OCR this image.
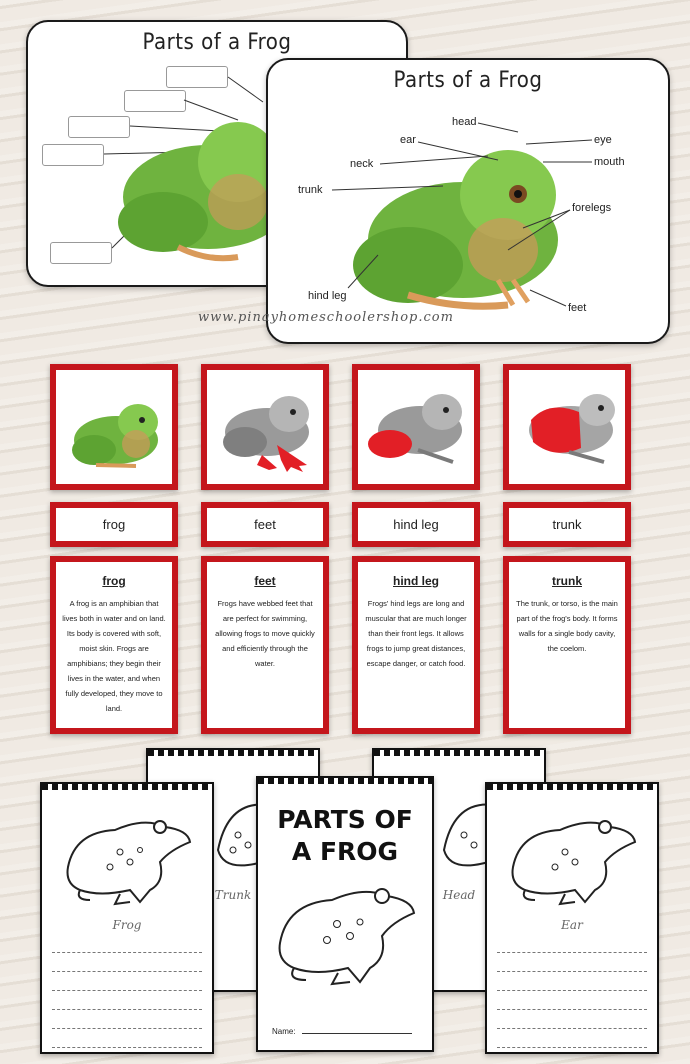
Parts of a Frog
Parts of a Frog
head
ear	eye
mouth
neck
trunk
forelegs
hind leg
feet
www.pinayhomeschoolershop.com
frog	feet	hind leg	trunk
frog
A frog is an amphibian that lives both in water and on land. Its body is covered with soft, moist skin. Frogs are amphibians; they begin their lives in the water, and when fully developed, they move to land.
feet
Frogs have webbed feet that are perfect for swimming, allowing frogs to move quickly and efficiently through the water.
hind leg
Frogs' hind legs are long and muscular that are much longer than their front legs. It allows frogs to jump great distances, escape danger, or catch food.
trunk
The trunk, or torso, is the main part of the frog's body. It forms walls for a single body cavity, the coelom.
Trunk	Head
Frog	Ear
PARTS OF
A FROG
Name:
